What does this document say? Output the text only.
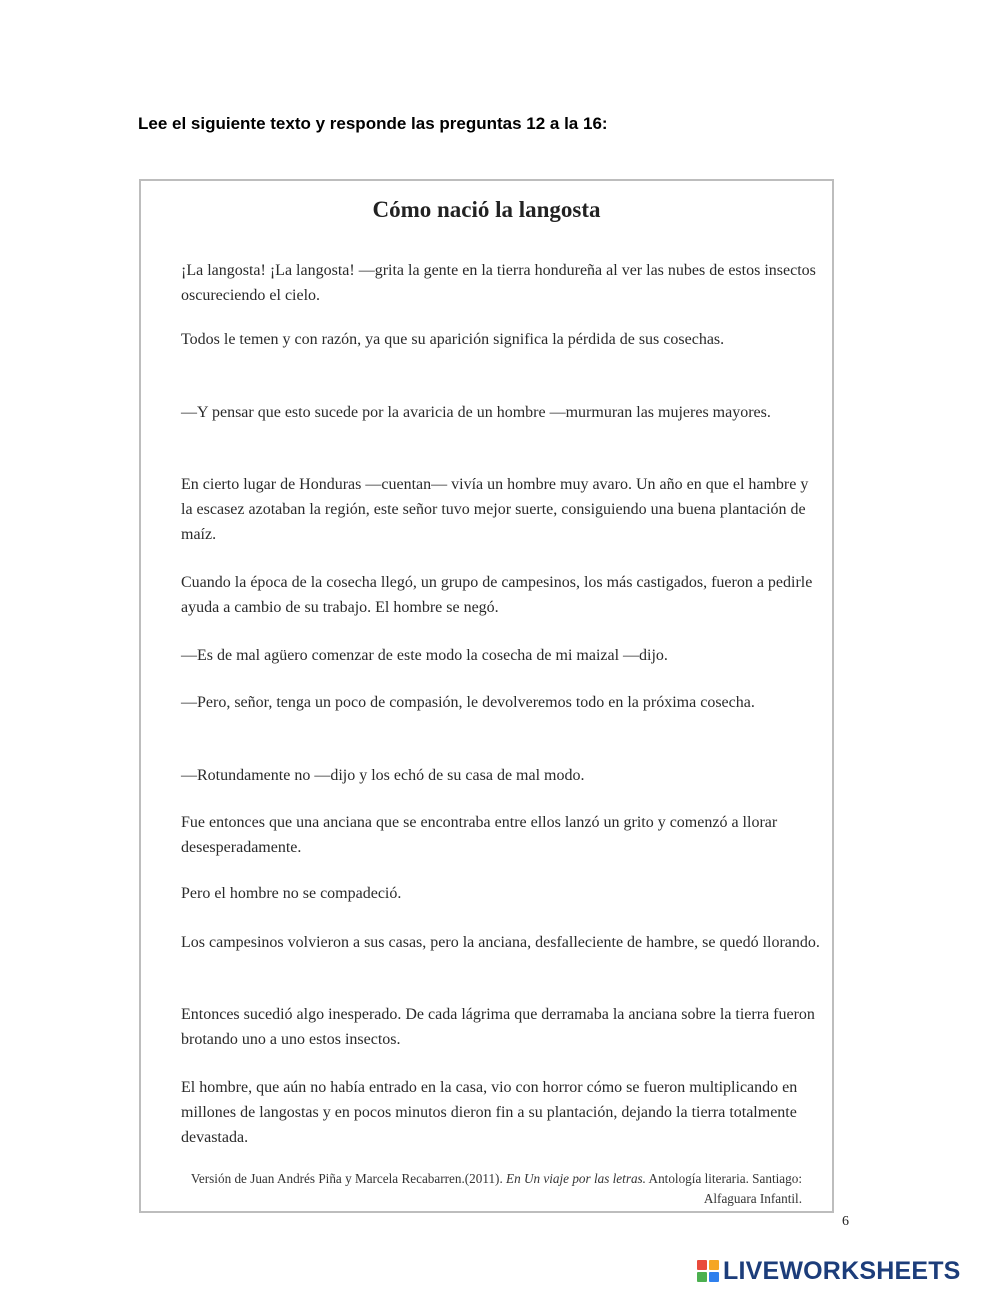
Lee el siguiente texto y responde las preguntas 12 a la 16:
Cómo nació la langosta

¡La langosta! ¡La langosta! —grita la gente en la tierra hondureña al ver las nubes de estos insectos oscureciendo el cielo.

Todos le temen y con razón, ya que su aparición significa la pérdida de sus cosechas.

—Y pensar que esto sucede por la avaricia de un hombre —murmuran las mujeres mayores.

En cierto lugar de Honduras —cuentan— vivía un hombre muy avaro. Un año en que el hambre y la escasez azotaban la región, este señor tuvo mejor suerte, consiguiendo una buena plantación de maíz.

Cuando la época de la cosecha llegó, un grupo de campesinos, los más castigados, fueron a pedirle ayuda a cambio de su trabajo. El hombre se negó.

—Es de mal agüero comenzar de este modo la cosecha de mi maizal —dijo.

—Pero, señor, tenga un poco de compasión, le devolveremos todo en la próxima cosecha.

—Rotundamente no —dijo y los echó de su casa de mal modo.

Fue entonces que una anciana que se encontraba entre ellos lanzó un grito y comenzó a llorar desesperadamente.

Pero el hombre no se compadeció.

Los campesinos volvieron a sus casas, pero la anciana, desfalleciente de hambre, se quedó llorando.

Entonces sucedió algo inesperado. De cada lágrima que derramaba la anciana sobre la tierra fueron brotando uno a uno estos insectos.

El hombre, que aún no había entrado en la casa, vio con horror cómo se fueron multiplicando en millones de langostas y en pocos minutos dieron fin a su plantación, dejando la tierra totalmente devastada.

Versión de Juan Andrés Piña y Marcela Recabarren.(2011). En Un viaje por las letras. Antología literaria. Santiago: Alfaguara Infantil.

6
LIVEWORKSHEETS
